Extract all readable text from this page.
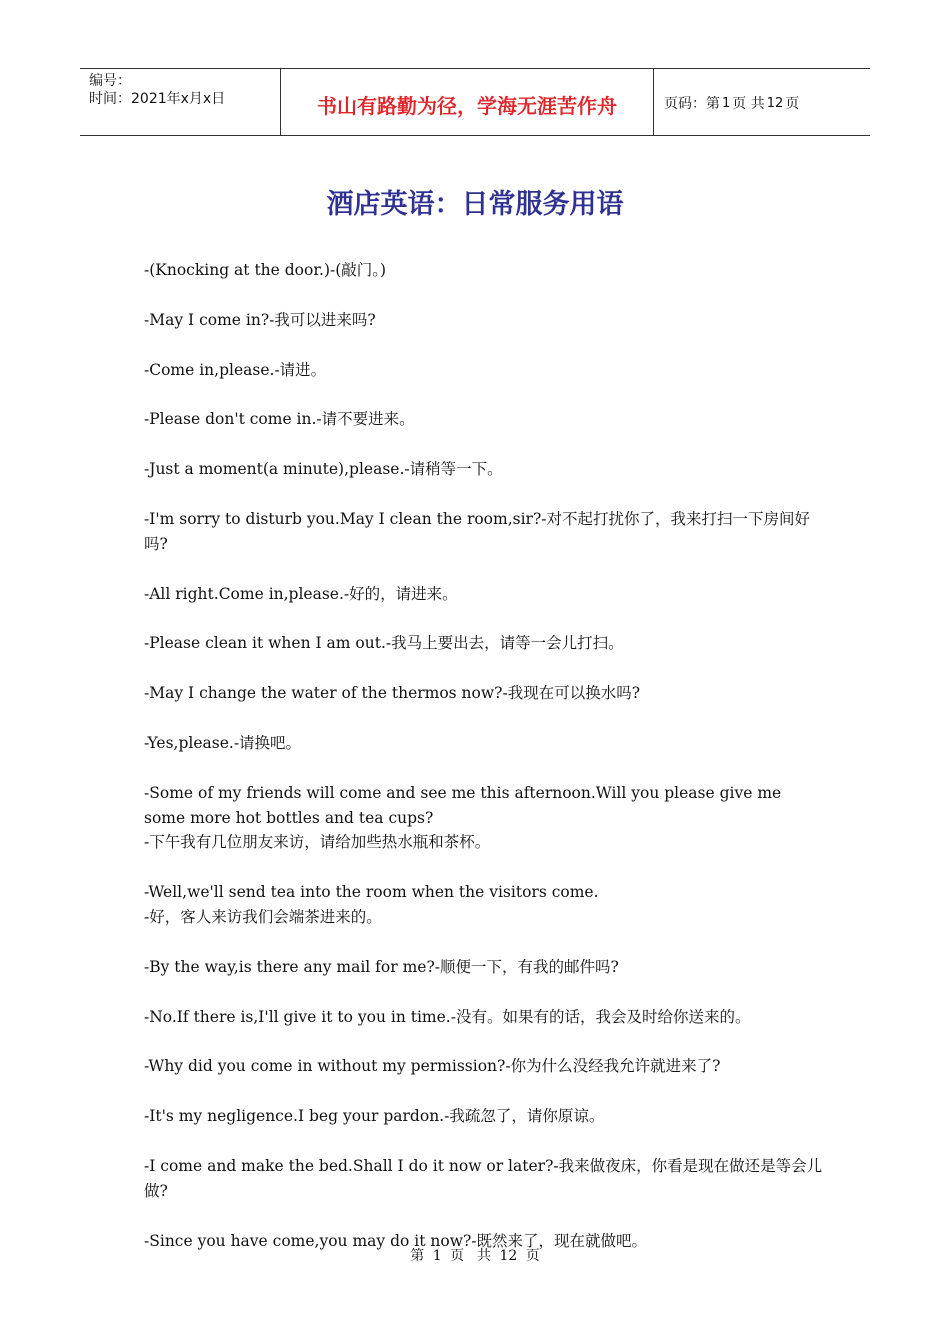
编号：
时间：2021年x月x日	书山有路勤为径，学海无涯苦作舟	页码：第 1 页 共 12 页
酒店英语：日常服务用语
-(Knocking at the door.)-(敲门。)
-May I come in?-我可以进来吗?
-Come in,please.-请进。
-Please don't come in.-请不要进来。
-Just a moment(a minute),please.-请稍等一下。
-I'm sorry to disturb you.May I clean the room,sir?-对不起打扰你了，我来打扫一下房间好吗?
-All right.Come in,please.-好的，请进来。
-Please clean it when I am out.-我马上要出去，请等一会儿打扫。
-May I change the water of the thermos now?-我现在可以换水吗?
-Yes,please.-请换吧。
-Some of my friends will come and see me this afternoon.Will you please give me some more hot bottles and tea cups?
-下午我有几位朋友来访，请给加些热水瓶和茶杯。
-Well,we'll send tea into the room when the visitors come.
-好，客人来访我们会端茶进来的。
-By the way,is there any mail for me?-顺便一下，有我的邮件吗?
-No.If there is,I'll give it to you in time.-没有。如果有的话，我会及时给你送来的。
-Why did you come in without my permission?-你为什么没经我允许就进来了?
-It's my negligence.I beg your pardon.-我疏忽了，请你原谅。
-I come and make the bed.Shall I do it now or later?-我来做夜床，你看是现在做还是等会儿做?
-Since you have come,you may do it now?-既然来了，现在就做吧。
第 1 页 共 12 页
